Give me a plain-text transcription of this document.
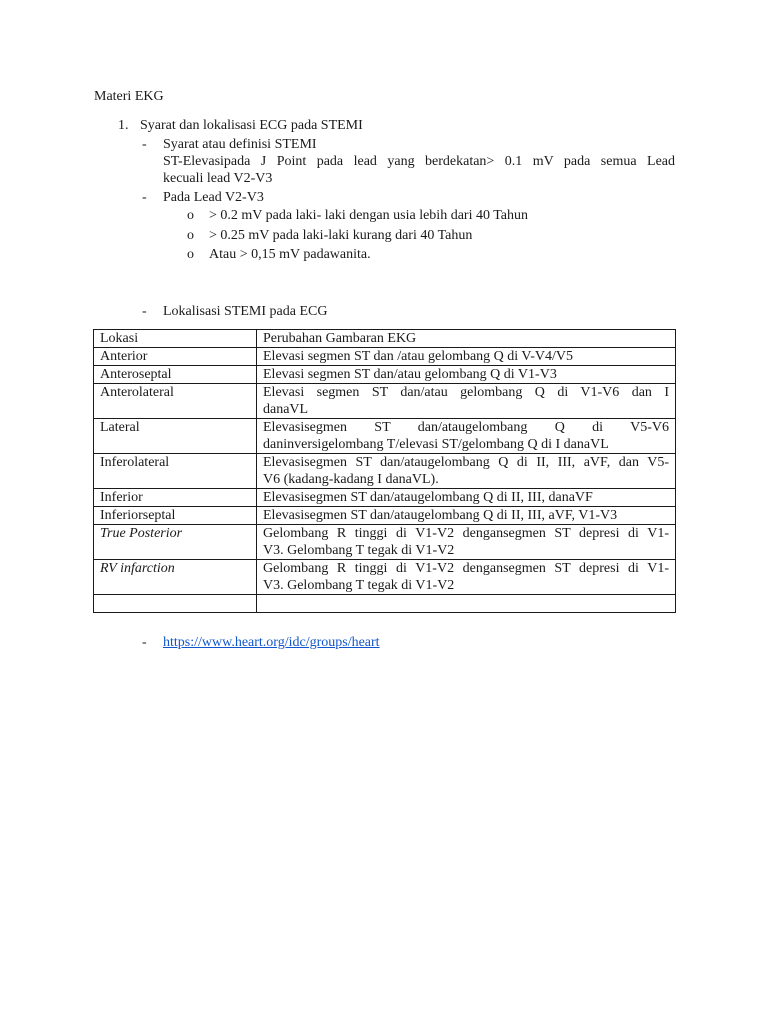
Materi EKG
1. Syarat dan lokalisasi ECG pada STEMI
- Syarat atau definisi STEMI
ST-Elevasipada J Point pada lead yang berdekatan> 0.1 mV pada semua Lead
kecuali lead V2-V3
- Pada Lead V2-V3
o > 0.2 mV pada laki- laki dengan usia lebih dari 40 Tahun
o > 0.25 mV pada laki-laki kurang dari 40 Tahun
o Atau > 0,15 mV padawanita.
- Lokalisasi STEMI pada ECG
Lokasi	Perubahan Gambaran EKG
Anterior	Elevasi segmen ST dan /atau gelombang Q di V-V4/V5
Anteroseptal	Elevasi segmen ST dan/atau gelombang Q di V1-V3
Anterolateral	Elevasi segmen ST dan/atau gelombang Q di V1-V6 dan I
danaVL
Lateral	Elevasisegmen ST dan/ataugelombang Q di V5-V6
daninversigelombang T/elevasi ST/gelombang Q di I danaVL
Inferolateral	Elevasisegmen ST dan/ataugelombang Q di II, III, aVF, dan V5-
V6 (kadang-kadang I danaVL).
Inferior	Elevasisegmen ST dan/ataugelombang Q di II, III, danaVF
Inferiorseptal	Elevasisegmen ST dan/ataugelombang Q di II, III, aVF, V1-V3
True Posterior	Gelombang R tinggi di V1-V2 dengansegmen ST depresi di V1-
V3. Gelombang T tegak di V1-V2
RV infarction	Gelombang R tinggi di V1-V2 dengansegmen ST depresi di V1-
V3. Gelombang T tegak di V1-V2

- https://www.heart.org/idc/groups/heart
